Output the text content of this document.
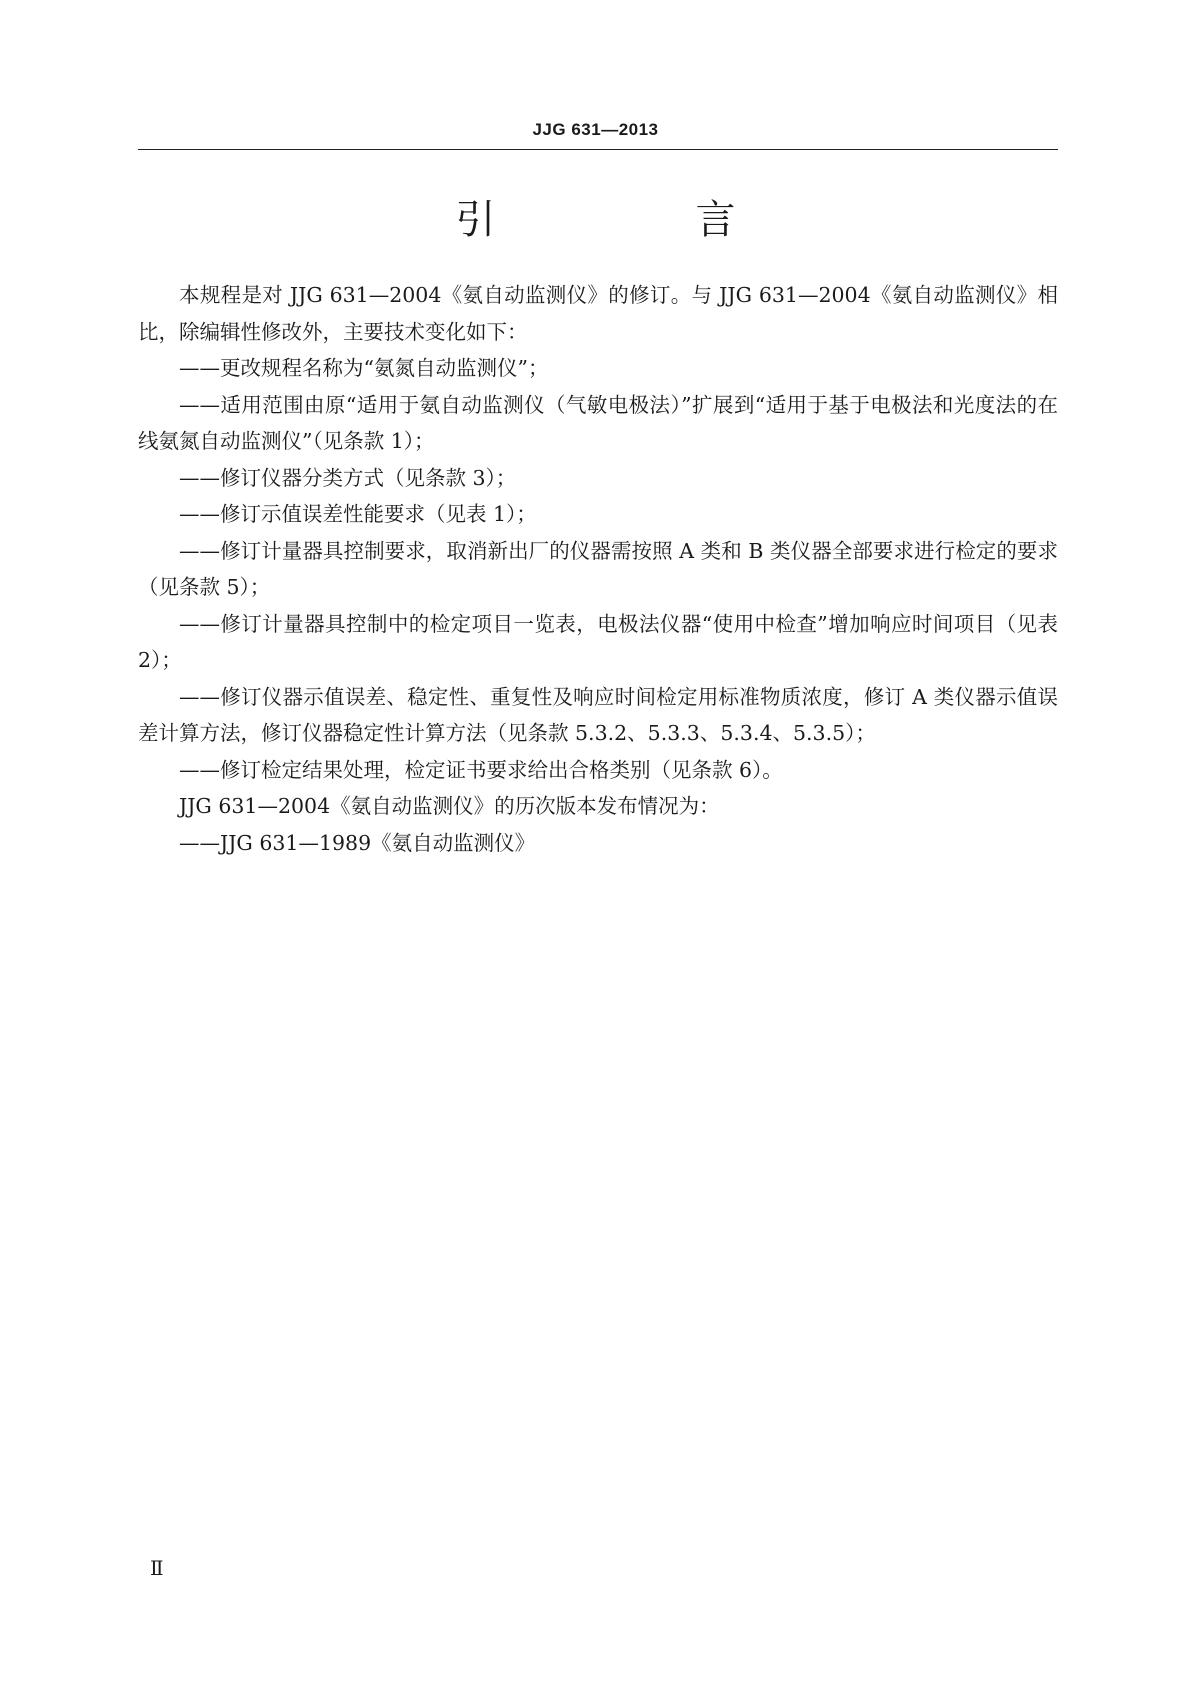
JJG 631—2013
引　言

本规程是对 JJG 631—2004《氨自动监测仪》的修订。与 JJG 631—2004《氨自动监测仪》相比，除编辑性修改外，主要技术变化如下：

——更改规程名称为“氨氮自动监测仪”；

——适用范围由原“适用于氨自动监测仪（气敏电极法）”扩展到“适用于基于电极法和光度法的在线氨氮自动监测仪”（见条款 1）；

——修订仪器分类方式（见条款 3）；

——修订示值误差性能要求（见表 1）；

——修订计量器具控制要求，取消新出厂的仪器需按照 A 类和 B 类仪器全部要求进行检定的要求（见条款 5）；

——修订计量器具控制中的检定项目一览表，电极法仪器“使用中检查”增加响应时间项目（见表 2）；

——修订仪器示值误差、稳定性、重复性及响应时间检定用标准物质浓度，修订 A 类仪器示值误差计算方法，修订仪器稳定性计算方法（见条款 5.3.2、5.3.3、5.3.4、5.3.5）；

——修订检定结果处理，检定证书要求给出合格类别（见条款 6）。

JJG 631—2004《氨自动监测仪》的历次版本发布情况为：

——JJG 631—1989《氨自动监测仪》

Ⅱ
